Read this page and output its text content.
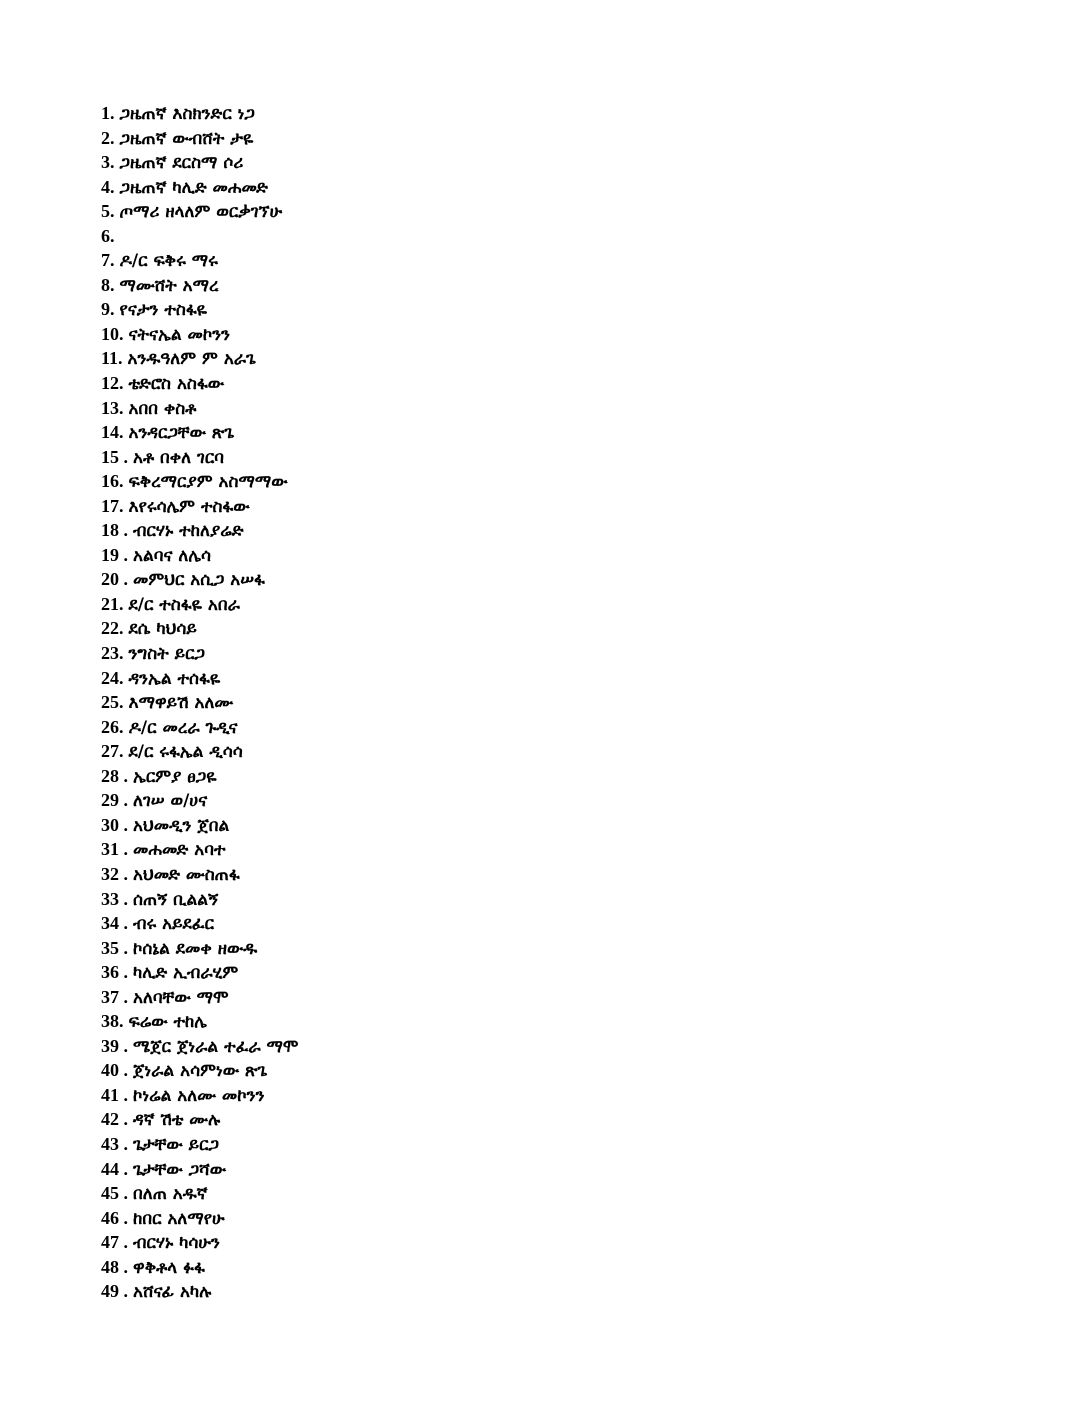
1. ጋዜጠኛ እስክንድር ነጋ
2. ጋዜጠኛ ውብሸት ታዬ
3. ጋዜጠኛ ደርስማ ሶሪ
4. ጋዜጠኛ ካሊድ መሐመድ
5. ጦማሪ ዘላለም ወርቃገኘሁ
6.
7. ዶ/ር ፍቅሩ ማሩ
8. ማሙሸት አማረ
9. የናታን ተስፋዬ
10. ናትናኤል መኮንን
11. አንዱዓለም ም አራጌ
12. ቴድሮስ አስፋው
13. አበበ ቀስቶ
14. አንዳርጋቸው ጽጌ
15 . አቶ በቀለ ገርባ
16. ፍቅረማርያም አስማማው
17. እየሩሳሌም ተስፋው
18 . ብርሃኑ ተከለያሬድ
19 . አልባና ለሌሳ
20 . መምህር አሲጋ አሠፋ
21. ደ/ር ተስፋዬ አበራ
22. ደሴ ካህሳይ
23. ንግስት ይርጋ
24. ዳንኤል ተሰፋዬ
25. እማዋይሽ አለሙ
26. ዶ/ር መረራ ጉዲና
27. ደ/ር ሩፋኤል ዲሳሳ
28 . ኤርምያ ፀጋዬ
29 . ለገሠ ወ/ሀና
30 . አህመዲን ጀበል
31 . መሐመድ አባተ
32 . አህመድ ሙስጠፋ
33 . ሰጠኝ ቢልልኝ
34 . ብሩ አይደፈር
35 . ኮሰኔል ደመቀ ዘውዱ
36 . ካሊድ ኢብራሂም
37 . አለባቸው ማሞ
38. ፍሬው ተከሌ
39 . ሜጀር ጀነራል ተፈራ ማሞ
40 . ጀነራል አሳምነው ጽጌ
41 . ኮነሬል አለሙ መኮንን
42 . ዳኛ ሽቴ ሙሉ
43 . ጌታቸው ይርጋ
44 . ጌታቸው ጋሻው
45 . በለጠ አዱኛ
46 . ከበር አለማየሁ
47 . ብርሃኑ ካሳሁን
48 . ዋቅቶላ ፉፋ
49 . አሸናፊ አካሉ
